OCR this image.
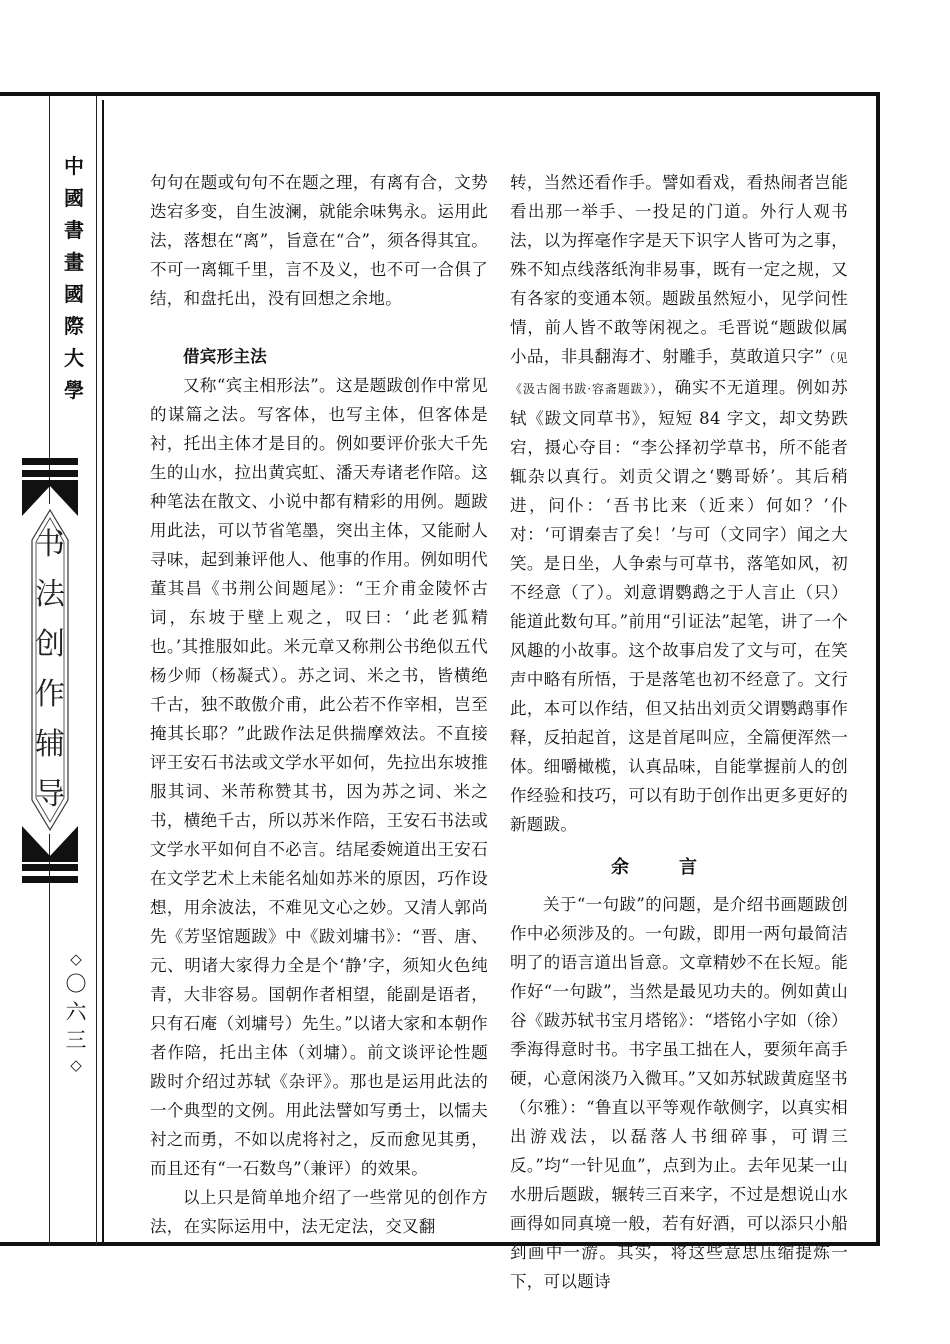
中
國
書
畫
國
際
大
學
书
法
创
作
辅
导
◇
〇
六
三
◇

句句在题或句句不在题之理，有离有合，文势迭宕多变，自生波澜，就能余味隽永。运用此法，落想在“离”，旨意在“合”，须各得其宜。不可一离辄千里，言不及义，也不可一合俱了结，和盘托出，没有回想之余地。

借宾形主法

又称“宾主相形法”。这是题跋创作中常见的谋篇之法。写客体，也写主体，但客体是衬，托出主体才是目的。例如要评价张大千先生的山水，拉出黄宾虹、潘天寿诸老作陪。这种笔法在散文、小说中都有精彩的用例。题跋用此法，可以节省笔墨，突出主体，又能耐人寻味，起到兼评他人、他事的作用。例如明代董其昌《书荆公间题尾》：“王介甫金陵怀古词，东坡于壁上观之，叹曰：‘此老狐精也。’其推服如此。米元章又称荆公书绝似五代杨少师（杨凝式）。苏之词、米之书，皆横绝千古，独不敢傲介甫，此公若不作宰相，岂至掩其长耶？”此跋作法足供揣摩效法。不直接评王安石书法或文学水平如何，先拉出东坡推服其词、米芾称赞其书，因为苏之词、米之书，横绝千古，所以苏米作陪，王安石书法或文学水平如何自不必言。结尾委婉道出王安石在文学艺术上未能名灿如苏米的原因，巧作设想，用余波法，不难见文心之妙。又清人郭尚先《芳坚馆题跋》中《跋刘墉书》：“晋、唐、元、明诸大家得力全是个‘静’字，须知火色纯青，大非容易。国朝作者相望，能副是语者，只有石庵（刘墉号）先生。”以诸大家和本朝作者作陪，托出主体（刘墉）。前文谈评论性题跋时介绍过苏轼《杂评》。那也是运用此法的一个典型的文例。用此法譬如写勇士，以懦夫衬之而勇，不如以虎将衬之，反而愈见其勇，而且还有“一石数鸟”（兼评）的效果。

以上只是简单地介绍了一些常见的创作方法，在实际运用中，法无定法，交叉翻

转，当然还看作手。譬如看戏，看热闹者岂能看出那一举手、一投足的门道。外行人观书法，以为挥毫作字是天下识字人皆可为之事，殊不知点线落纸洵非易事，既有一定之规，又有各家的变通本领。题跋虽然短小，见学问性情，前人皆不敢等闲视之。毛晋说“题跋似属小品，非具翻海才、射雕手，莫敢道只字”（见《汲古阁书跋·容斋题跋》），确实不无道理。例如苏轼《跋文同草书》，短短 84 字文，却文势跌宕，摄心夺目：“李公择初学草书，所不能者辄杂以真行。刘贡父谓之‘鹦哥娇’。其后稍进，问仆：‘吾书比来（近来）何如？’仆对：‘可谓秦吉了矣！’与可（文同字）闻之大笑。是日坐，人争索与可草书，落笔如风，初不经意（了）。刘意谓鹦鹉之于人言止（只）能道此数句耳。”前用“引证法”起笔，讲了一个风趣的小故事。这个故事启发了文与可，在笑声中略有所悟，于是落笔也初不经意了。文行此，本可以作结，但又拈出刘贡父谓鹦鹉事作释，反拍起首，这是首尾叫应，全篇便浑然一体。细嚼橄榄，认真品味，自能掌握前人的创作经验和技巧，可以有助于创作出更多更好的新题跋。

余言

关于“一句跋”的问题，是介绍书画题跋创作中必须涉及的。一句跋，即用一两句最简洁明了的语言道出旨意。文章精妙不在长短。能作好“一句跋”，当然是最见功夫的。例如黄山谷《跋苏轼书宝月塔铭》：“塔铭小字如（徐）季海得意时书。书字虽工拙在人，要须年高手硬，心意闲淡乃入微耳。”又如苏轼跋黄庭坚书（尔雅）：“鲁直以平等观作欹侧字，以真实相出游戏法，以磊落人书细碎事，可谓三反。”均“一针见血”，点到为止。去年见某一山水册后题跋，辗转三百来字，不过是想说山水画得如同真境一般，若有好酒，可以添只小船到画中一游。其实，将这些意思压缩提炼一下，可以题诗
